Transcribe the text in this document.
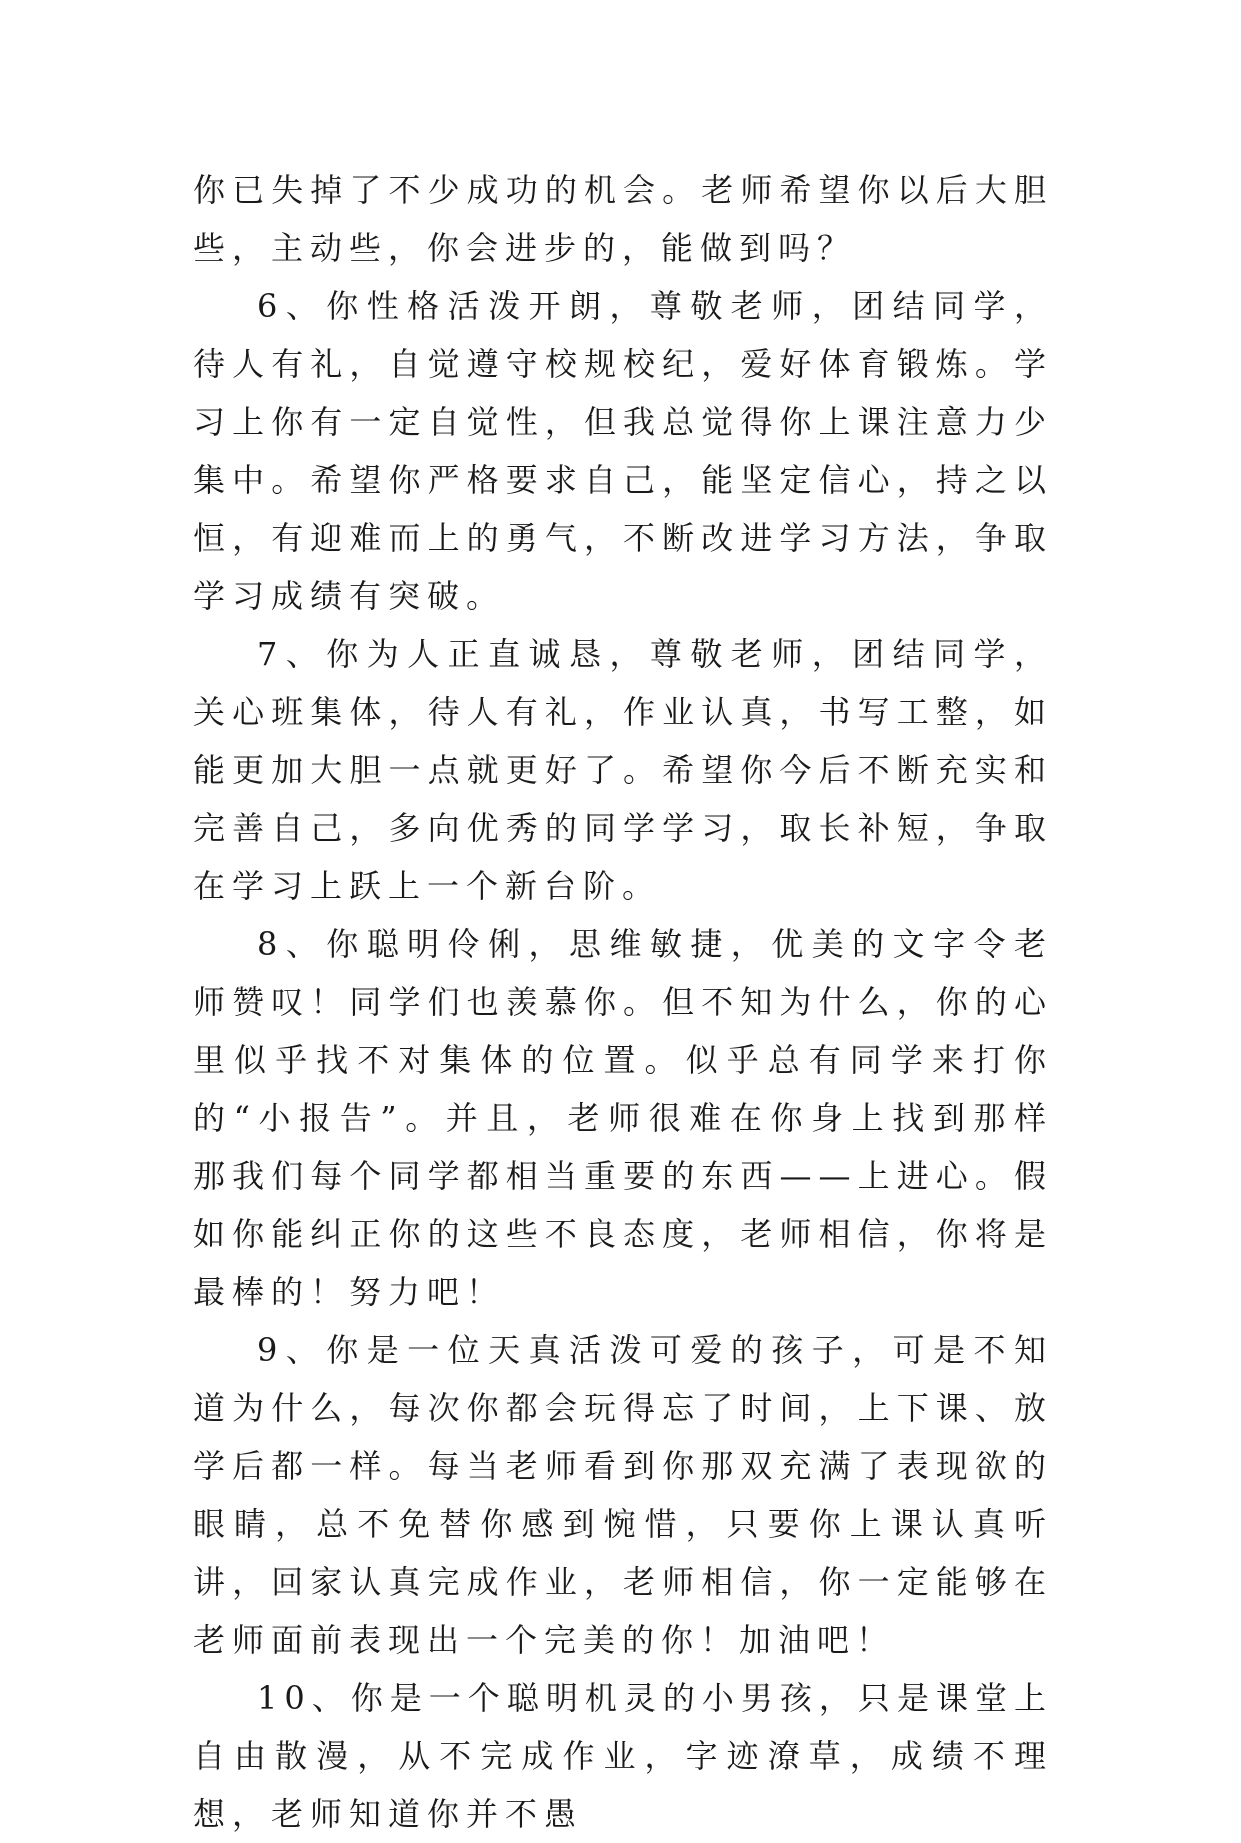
你已失掉了不少成功的机会。老师希望你以后大胆些，主动些，你会进步的，能做到吗？

6、你性格活泼开朗，尊敬老师，团结同学，待人有礼，自觉遵守校规校纪，爱好体育锻炼。学习上你有一定自觉性，但我总觉得你上课注意力少集中。希望你严格要求自己，能坚定信心，持之以恒，有迎难而上的勇气，不断改进学习方法，争取学习成绩有突破。

7、你为人正直诚恳，尊敬老师，团结同学，关心班集体，待人有礼，作业认真，书写工整，如能更加大胆一点就更好了。希望你今后不断充实和完善自己，多向优秀的同学学习，取长补短，争取在学习上跃上一个新台阶。

8、你聪明伶俐，思维敏捷，优美的文字令老师赞叹！同学们也羡慕你。但不知为什么，你的心里似乎找不对集体的位置。似乎总有同学来打你的“小报告”。并且，老师很难在你身上找到那样那我们每个同学都相当重要的东西——上进心。假如你能纠正你的这些不良态度，老师相信，你将是最棒的！努力吧！

9、你是一位天真活泼可爱的孩子，可是不知道为什么，每次你都会玩得忘了时间，上下课、放学后都一样。每当老师看到你那双充满了表现欲的眼睛，总不免替你感到惋惜，只要你上课认真听讲，回家认真完成作业，老师相信，你一定能够在老师面前表现出一个完美的你！加油吧！

10、你是一个聪明机灵的小男孩，只是课堂上自由散漫，从不完成作业，字迹潦草，成绩不理想，老师知道你并不愚
